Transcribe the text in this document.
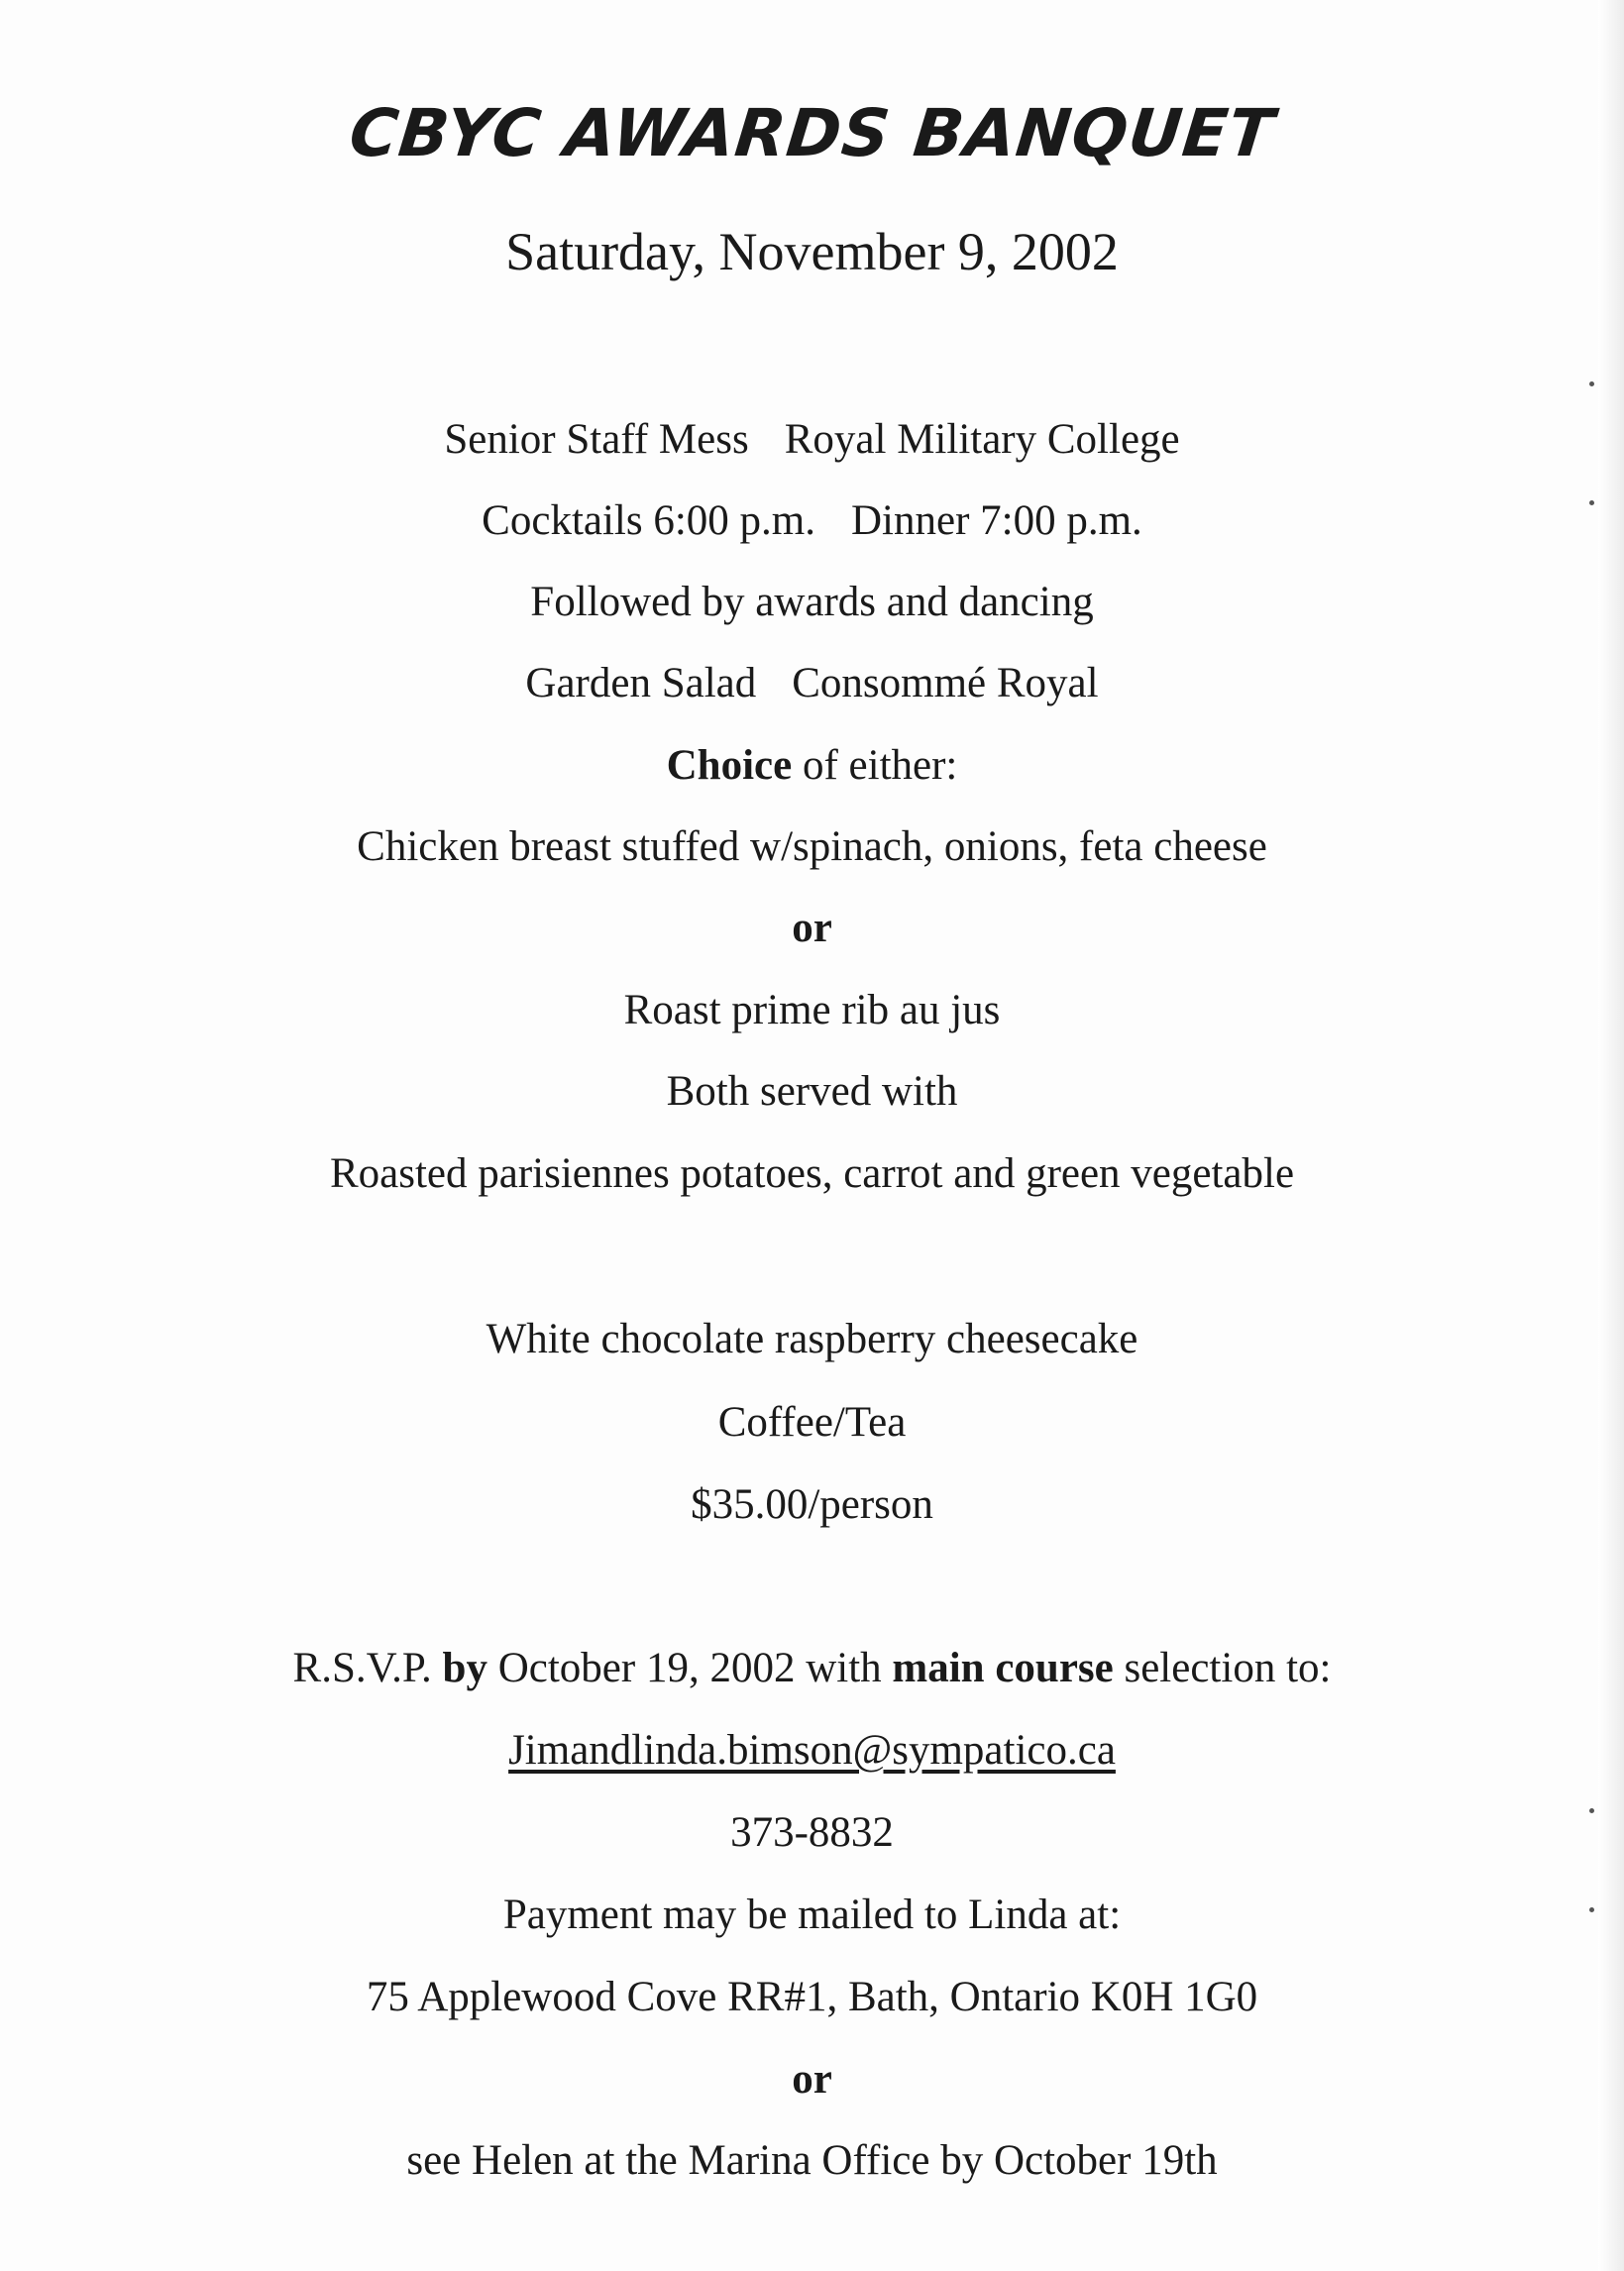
CBYC AWARDS BANQUET
Saturday, November 9, 2002
Senior Staff Mess Royal Military College
Cocktails 6:00 p.m. Dinner 7:00 p.m.
Followed by awards and dancing
Garden Salad Consommé Royal
Choice of either:
Chicken breast stuffed w/spinach, onions, feta cheese
or
Roast prime rib au jus
Both served with
Roasted parisiennes potatoes, carrot and green vegetable
White chocolate raspberry cheesecake
Coffee/Tea
$35.00/person
R.S.V.P. by October 19, 2002 with main course selection to:
Jimandlinda.bimson@sympatico.ca
373-8832
Payment may be mailed to Linda at:
75 Applewood Cove RR#1, Bath, Ontario K0H 1G0
or
see Helen at the Marina Office by October 19th
